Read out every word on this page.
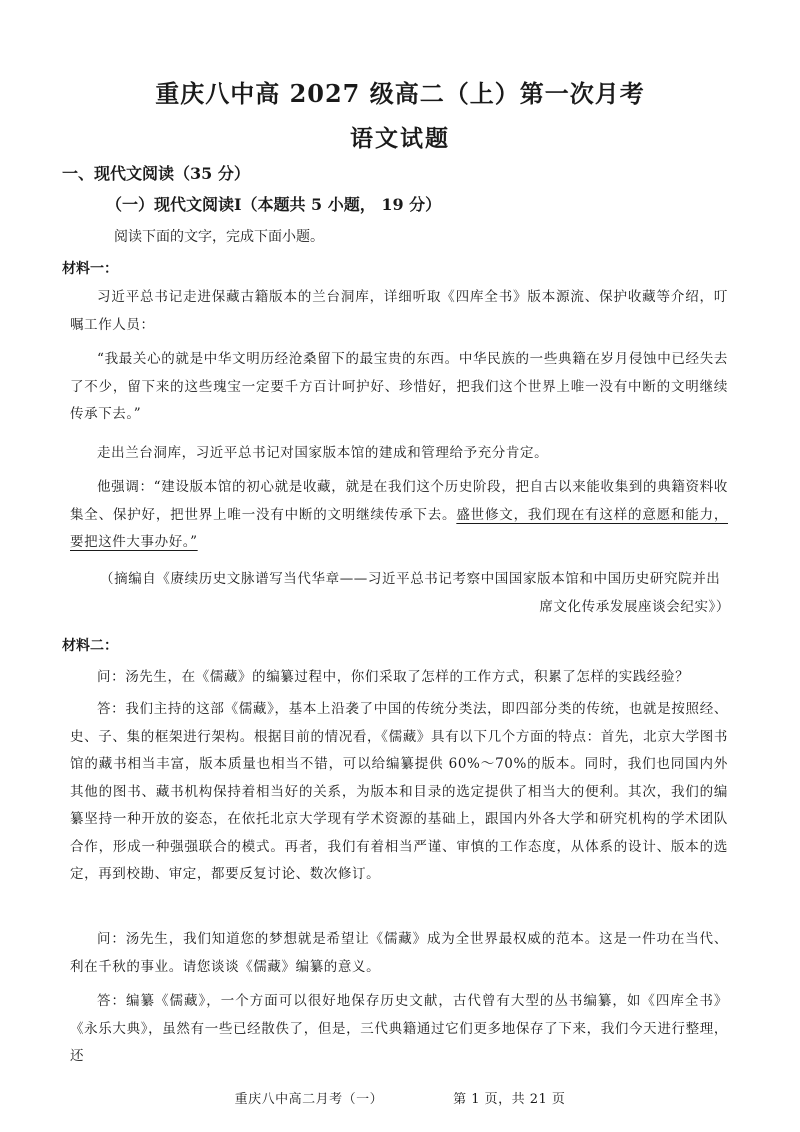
重庆八中高 2027 级高二（上）第一次月考
语文试题
一、现代文阅读（35 分）
（一）现代文阅读Ⅰ（本题共 5 小题， 19 分）
阅读下面的文字，完成下面小题。
材料一：
习近平总书记走进保藏古籍版本的兰台洞库，详细听取《四库全书》版本源流、保护收藏等介绍，叮嘱工作人员：
“我最关心的就是中华文明历经沧桑留下的最宝贵的东西。中华民族的一些典籍在岁月侵蚀中已经失去了不少，留下来的这些瑰宝一定要千方百计呵护好、珍惜好，把我们这个世界上唯一没有中断的文明继续传承下去。”
走出兰台洞库，习近平总书记对国家版本馆的建成和管理给予充分肯定。
他强调：“建设版本馆的初心就是收藏，就是在我们这个历史阶段，把自古以来能收集到的典籍资料收集全、保护好，把世界上唯一没有中断的文明继续传承下去。盛世修文，我们现在有这样的意愿和能力，要把这件大事办好。”
（摘编自《赓续历史文脉谱写当代华章——习近平总书记考察中国国家版本馆和中国历史研究院并出
席文化传承发展座谈会纪实》）
材料二：
问：汤先生，在《儒藏》的编纂过程中，你们采取了怎样的工作方式，积累了怎样的实践经验？
答：我们主持的这部《儒藏》，基本上沿袭了中国的传统分类法，即四部分类的传统，也就是按照经、史、子、集的框架进行架构。根据目前的情况看，《儒藏》具有以下几个方面的特点：首先，北京大学图书馆的藏书相当丰富，版本质量也相当不错，可以给编纂提供 60%～70%的版本。同时，我们也同国内外其他的图书、藏书机构保持着相当好的关系，为版本和目录的选定提供了相当大的便利。其次，我们的编纂坚持一种开放的姿态，在依托北京大学现有学术资源的基础上，跟国内外各大学和研究机构的学术团队合作，形成一种强强联合的模式。再者，我们有着相当严谨、审慎的工作态度，从体系的设计、版本的选定，再到校勘、审定，都要反复讨论、数次修订。
问：汤先生，我们知道您的梦想就是希望让《儒藏》成为全世界最权威的范本。这是一件功在当代、利在千秋的事业。请您谈谈《儒藏》编纂的意义。
答：编纂《儒藏》，一个方面可以很好地保存历史文献，古代曾有大型的丛书编纂，如《四库全书》《永乐大典》，虽然有一些已经散佚了，但是，三代典籍通过它们更多地保存了下来，我们今天进行整理，还
重庆八中高二月考（一）	第 1 页，共 21 页
